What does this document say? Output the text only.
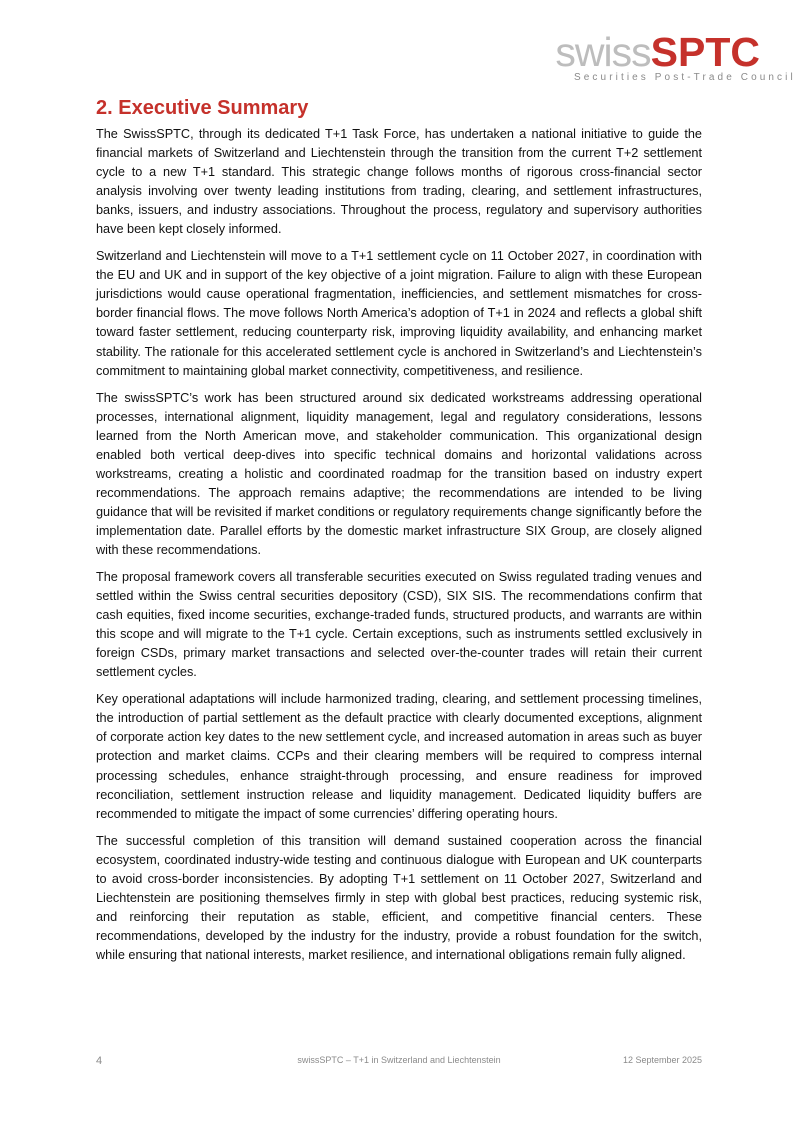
swissSPTC
Securities Post-Trade Council
2. Executive Summary

The SwissSPTC, through its dedicated T+1 Task Force, has undertaken a national initiative to guide the financial markets of Switzerland and Liechtenstein through the transition from the current T+2 settlement cycle to a new T+1 standard. This strategic change follows months of rigorous cross-financial sector analysis involving over twenty leading institutions from trading, clearing, and settlement infrastructures, banks, issuers, and industry associations. Throughout the process, regulatory and supervisory authorities have been kept closely informed.

Switzerland and Liechtenstein will move to a T+1 settlement cycle on 11 October 2027, in coordination with the EU and UK and in support of the key objective of a joint migration. Failure to align with these European jurisdictions would cause operational fragmentation, inefficiencies, and settlement mismatches for cross-border financial flows. The move follows North America’s adoption of T+1 in 2024 and reflects a global shift toward faster settlement, reducing counterparty risk, improving liquidity availability, and enhancing market stability. The rationale for this accelerated settlement cycle is anchored in Switzerland’s and Liechtenstein’s commitment to maintaining global market connectivity, competitiveness, and resilience.

The swissSPTC’s work has been structured around six dedicated workstreams addressing operational processes, international alignment, liquidity management, legal and regulatory considerations, lessons learned from the North American move, and stakeholder communication. This organizational design enabled both vertical deep-dives into specific technical domains and horizontal validations across workstreams, creating a holistic and coordinated roadmap for the transition based on industry expert recommendations. The approach remains adaptive; the recommendations are intended to be living guidance that will be revisited if market conditions or regulatory requirements change significantly before the implementation date. Parallel efforts by the domestic market infrastructure SIX Group, are closely aligned with these recommendations.

The proposal framework covers all transferable securities executed on Swiss regulated trading venues and settled within the Swiss central securities depository (CSD), SIX SIS. The recommendations confirm that cash equities, fixed income securities, exchange-traded funds, structured products, and warrants are within this scope and will migrate to the T+1 cycle. Certain exceptions, such as instruments settled exclusively in foreign CSDs, primary market transactions and selected over-the-counter trades will retain their current settlement cycles.

Key operational adaptations will include harmonized trading, clearing, and settlement processing timelines, the introduction of partial settlement as the default practice with clearly documented exceptions, alignment of corporate action key dates to the new settlement cycle, and increased automation in areas such as buyer protection and market claims. CCPs and their clearing members will be required to compress internal processing schedules, enhance straight-through processing, and ensure readiness for improved reconciliation, settlement instruction release and liquidity management. Dedicated liquidity buffers are recommended to mitigate the impact of some currencies’ differing operating hours.

The successful completion of this transition will demand sustained cooperation across the financial ecosystem, coordinated industry-wide testing and continuous dialogue with European and UK counterparts to avoid cross-border inconsistencies. By adopting T+1 settlement on 11 October 2027, Switzerland and Liechtenstein are positioning themselves firmly in step with global best practices, reducing systemic risk, and reinforcing their reputation as stable, efficient, and competitive financial centers. These recommendations, developed by the industry for the industry, provide a robust foundation for the switch, while ensuring that national interests, market resilience, and international obligations remain fully aligned.

4	swissSPTC – T+1 in Switzerland and Liechtenstein	12 September 2025
